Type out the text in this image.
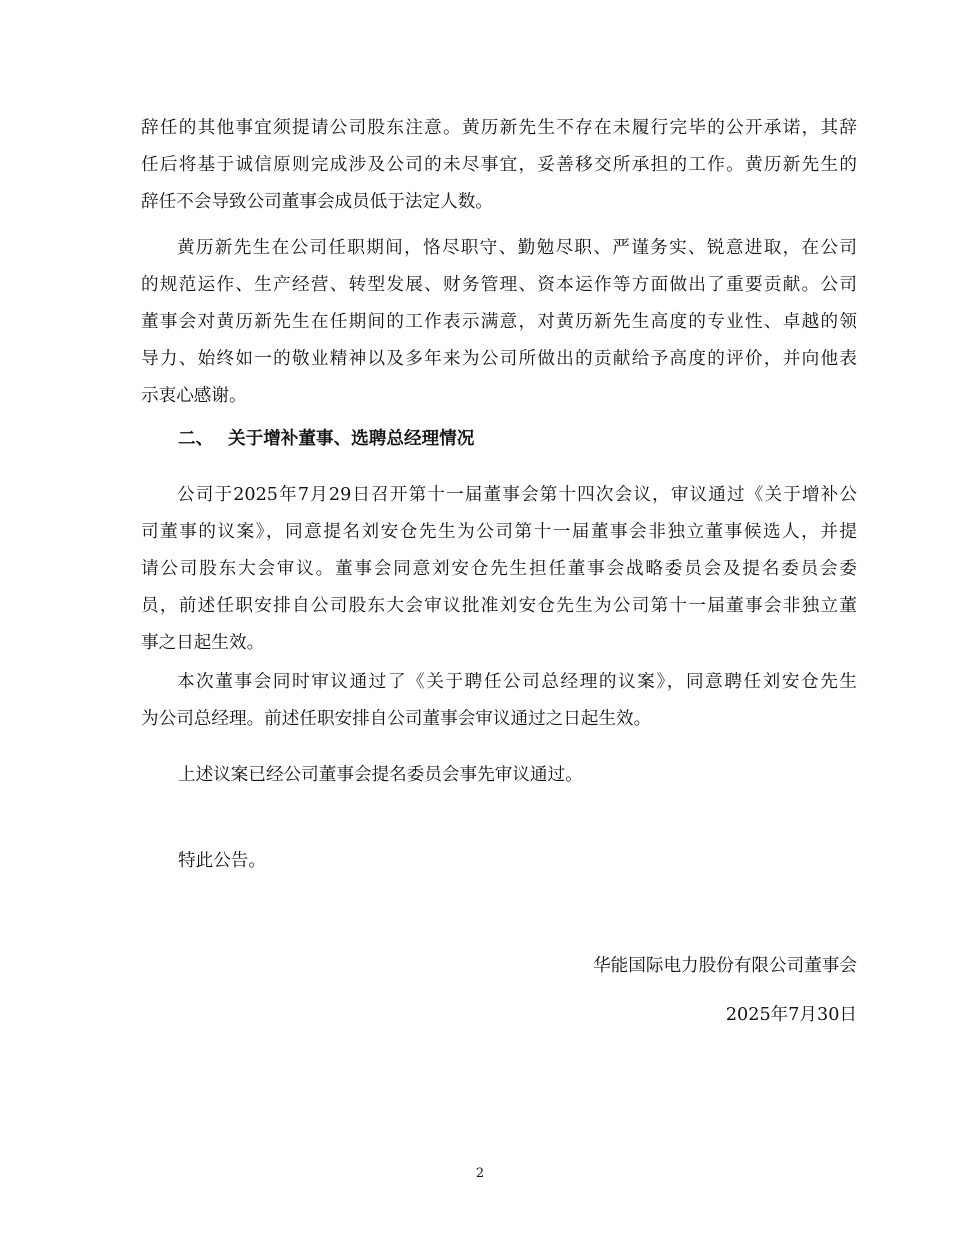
辞任的其他事宜须提请公司股东注意。黄历新先生不存在未履行完毕的公开承诺，其辞
任后将基于诚信原则完成涉及公司的未尽事宜，妥善移交所承担的工作。黄历新先生的
辞任不会导致公司董事会成员低于法定人数。
黄历新先生在公司任职期间，恪尽职守、勤勉尽职、严谨务实、锐意进取，在公司
的规范运作、生产经营、转型发展、财务管理、资本运作等方面做出了重要贡献。公司
董事会对黄历新先生在任期间的工作表示满意，对黄历新先生高度的专业性、卓越的领
导力、始终如一的敬业精神以及多年来为公司所做出的贡献给予高度的评价，并向他表
示衷心感谢。
二、 关于增补董事、选聘总经理情况
公司于2025年7月29日召开第十一届董事会第十四次会议，审议通过《关于增补公
司董事的议案》，同意提名刘安仓先生为公司第十一届董事会非独立董事候选人，并提
请公司股东大会审议。董事会同意刘安仓先生担任董事会战略委员会及提名委员会委
员，前述任职安排自公司股东大会审议批准刘安仓先生为公司第十一届董事会非独立董
事之日起生效。
本次董事会同时审议通过了《关于聘任公司总经理的议案》，同意聘任刘安仓先生
为公司总经理。前述任职安排自公司董事会审议通过之日起生效。
上述议案已经公司董事会提名委员会事先审议通过。
特此公告。
华能国际电力股份有限公司董事会
2025年7月30日
2
